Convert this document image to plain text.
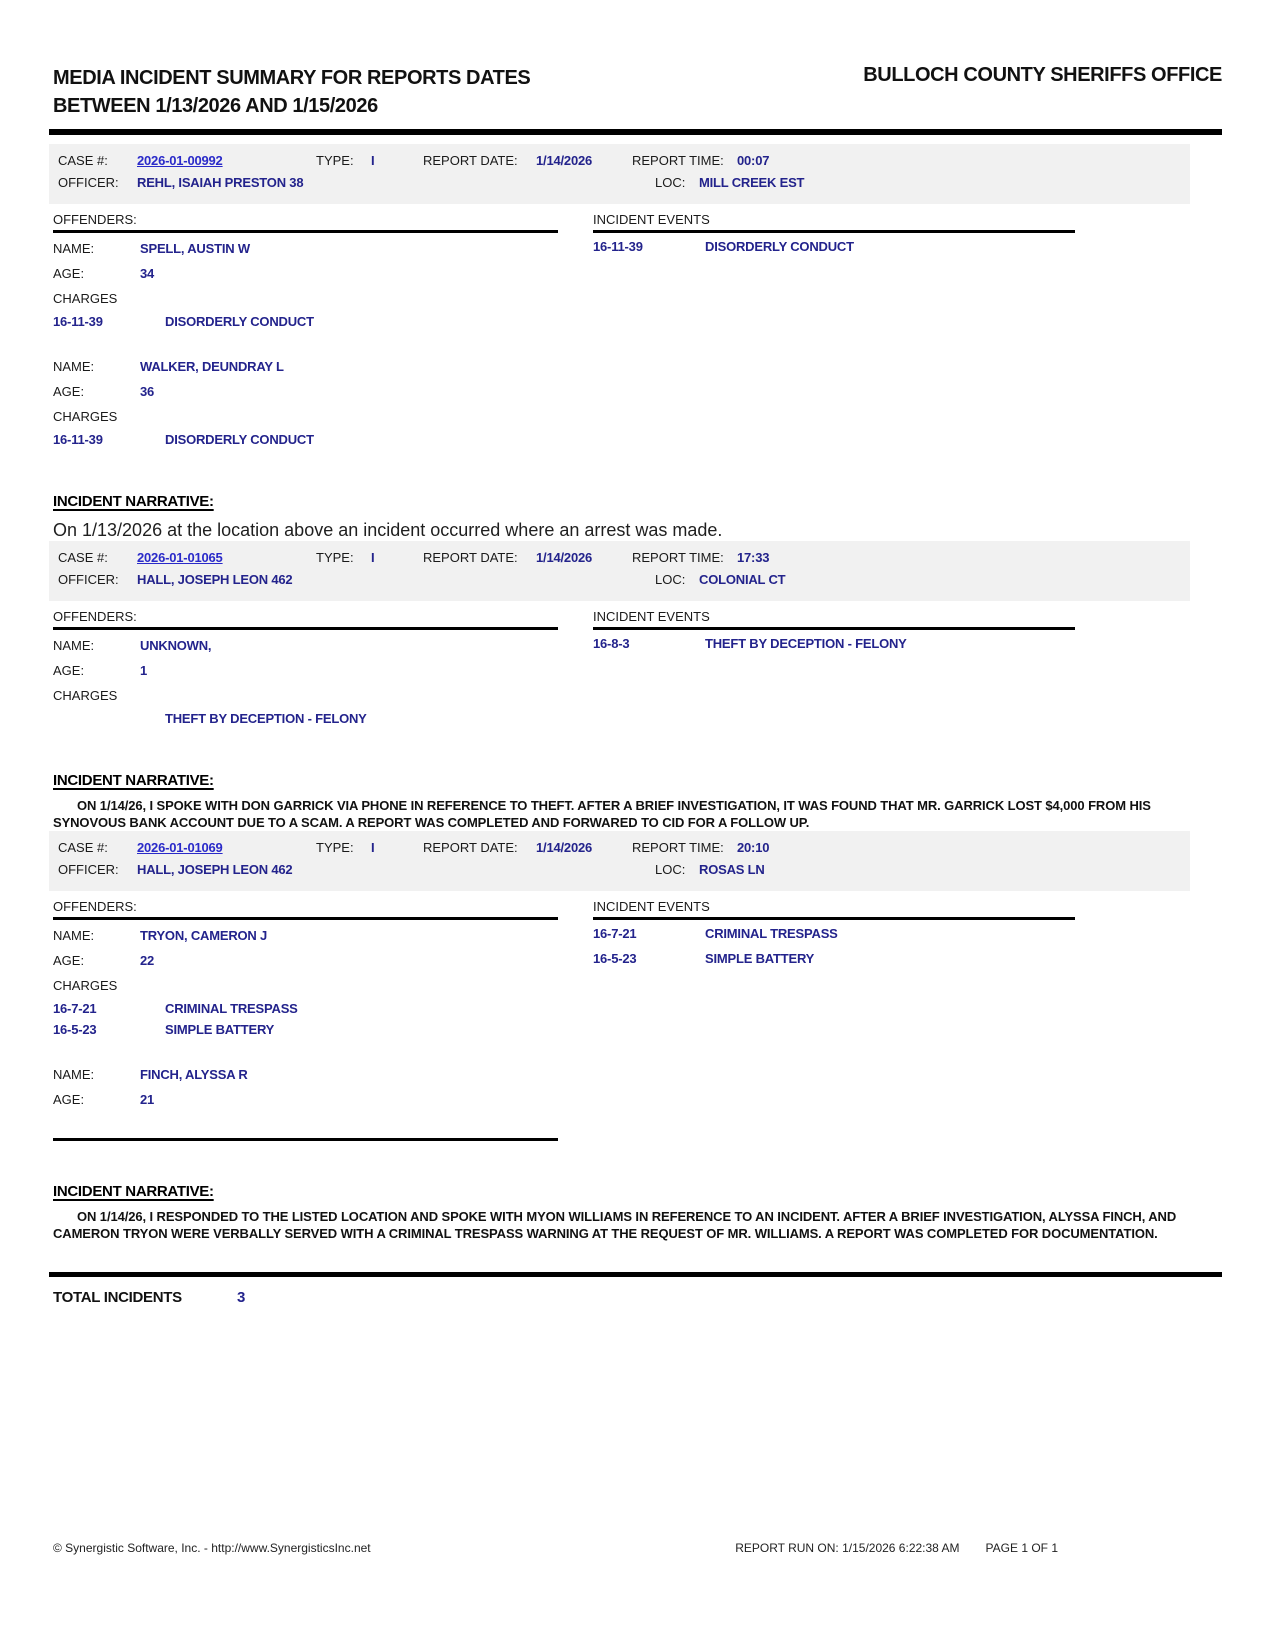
MEDIA INCIDENT SUMMARY FOR REPORTS DATES
BETWEEN 1/13/2026 AND 1/15/2026
BULLOCH COUNTY SHERIFFS OFFICE
CASE #: 2026-01-00992	TYPE: I	REPORT DATE: 1/14/2026	REPORT TIME: 00:07
OFFICER: REHL, ISAIAH PRESTON 38	LOC: MILL CREEK EST
OFFENDERS:
NAME:	SPELL, AUSTIN W
AGE:	34
CHARGES
16-11-39	DISORDERLY CONDUCT
NAME:	WALKER, DEUNDRAY L
AGE:	36
CHARGES
16-11-39	DISORDERLY CONDUCT
INCIDENT EVENTS
16-11-39	DISORDERLY CONDUCT
INCIDENT NARRATIVE:

On 1/13/2026 at the location above an incident occurred where an arrest was made.

CASE #: 2026-01-01065	TYPE: I	REPORT DATE: 1/14/2026	REPORT TIME: 17:33
OFFICER: HALL, JOSEPH LEON 462	LOC: COLONIAL CT
OFFENDERS:
NAME:	UNKNOWN,
AGE:	1
CHARGES
THEFT BY DECEPTION - FELONY
INCIDENT EVENTS
16-8-3	THEFT BY DECEPTION - FELONY
INCIDENT NARRATIVE:

ON 1/14/26, I SPOKE WITH DON GARRICK VIA PHONE IN REFERENCE TO THEFT. AFTER A BRIEF INVESTIGATION, IT WAS FOUND THAT MR. GARRICK LOST $4,000 FROM HIS SYNOVOUS BANK ACCOUNT DUE TO A SCAM. A REPORT WAS COMPLETED AND FORWARED TO CID FOR A FOLLOW UP.

CASE #: 2026-01-01069	TYPE: I	REPORT DATE: 1/14/2026	REPORT TIME: 20:10
OFFICER: HALL, JOSEPH LEON 462	LOC: ROSAS LN
OFFENDERS:
NAME:	TRYON, CAMERON J
AGE:	22
CHARGES
16-7-21	CRIMINAL TRESPASS
16-5-23	SIMPLE BATTERY
NAME:	FINCH, ALYSSA R
AGE:	21
INCIDENT EVENTS
16-7-21	CRIMINAL TRESPASS
16-5-23	SIMPLE BATTERY
INCIDENT NARRATIVE:

ON 1/14/26, I RESPONDED TO THE LISTED LOCATION AND SPOKE WITH MYON WILLIAMS IN REFERENCE TO AN INCIDENT. AFTER A BRIEF INVESTIGATION, ALYSSA FINCH, AND CAMERON TRYON WERE VERBALLY SERVED WITH A CRIMINAL TRESPASS WARNING AT THE REQUEST OF MR. WILLIAMS. A REPORT WAS COMPLETED FOR DOCUMENTATION.

TOTAL INCIDENTS	3
© Synergistic Software, Inc. - http://www.SynergisticsInc.net	REPORT RUN ON: 1/15/2026 6:22:38 AM PAGE 1 OF 1
